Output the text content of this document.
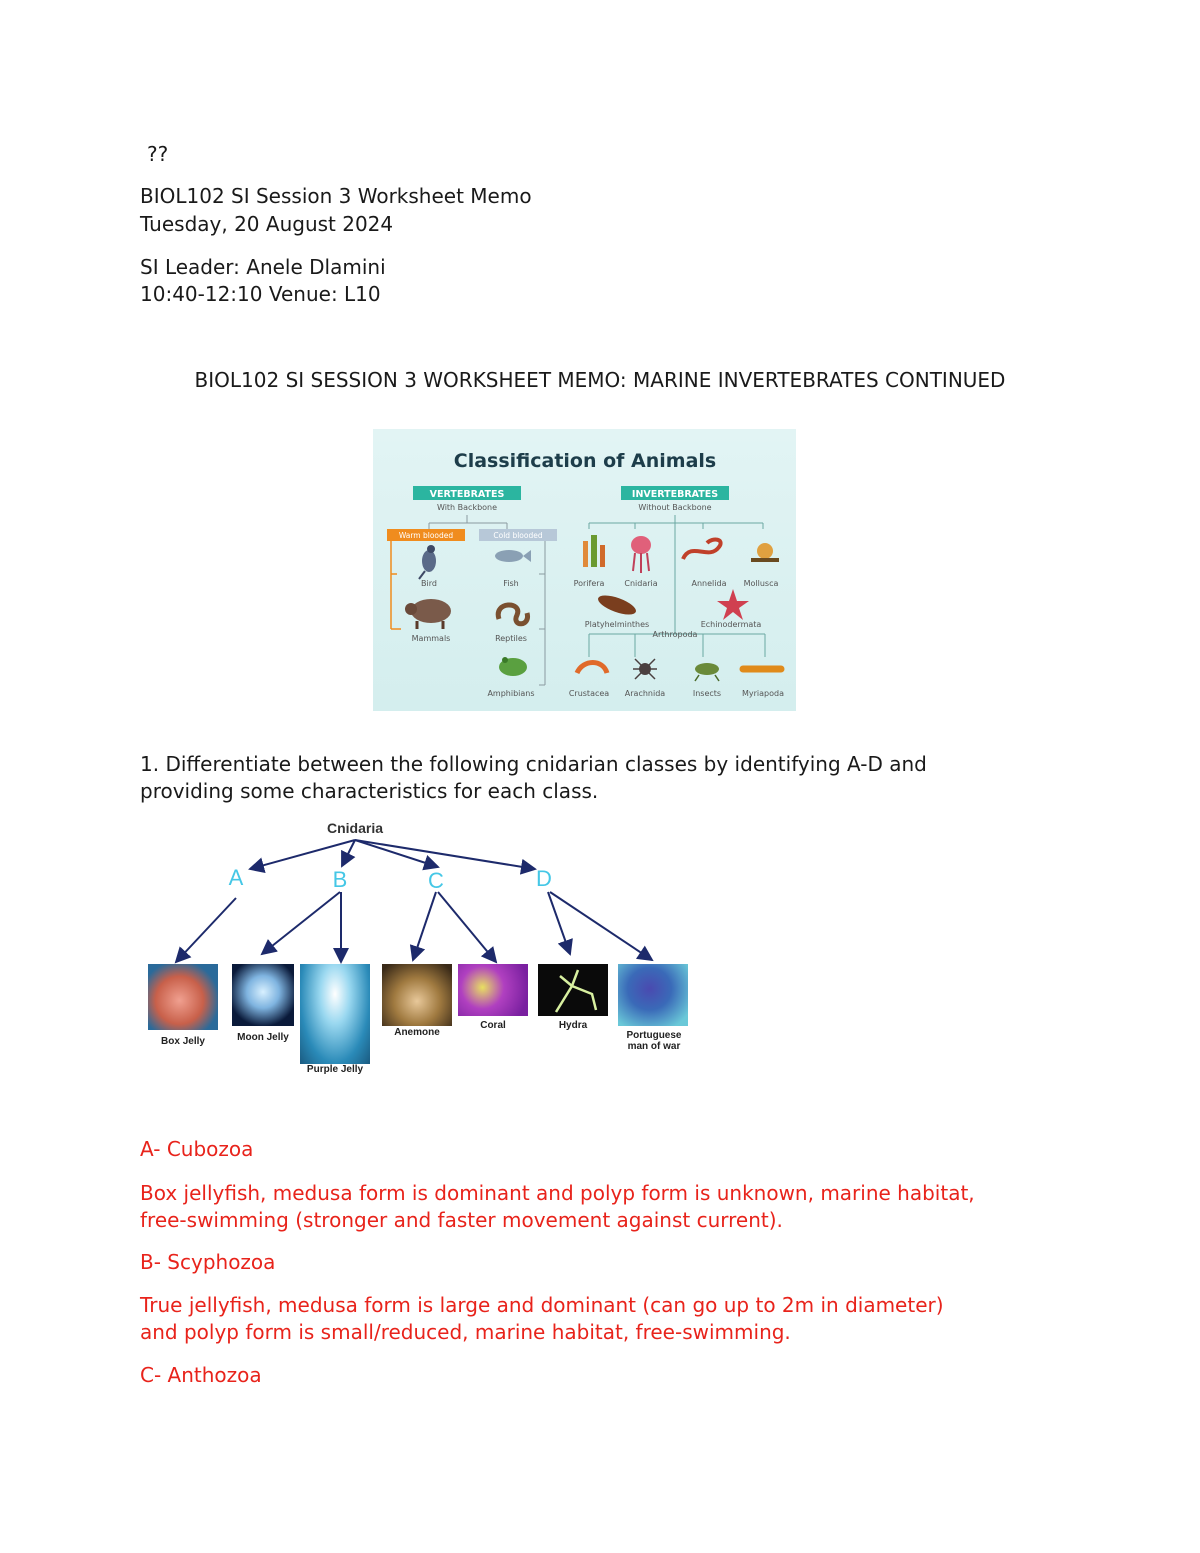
??
BIOL102 SI Session 3 Worksheet Memo
Tuesday, 20 August 2024
SI Leader: Anele Dlamini
10:40-12:10 Venue: L10
BIOL102 SI SESSION 3 WORKSHEET MEMO: MARINE INVERTEBRATES CONTINUED
Classification of Animals
VERTEBRATES
With Backbone
INVERTEBRATES
Without Backbone
Warm blooded	Cold blooded
Bird
Mammals
Fish
Reptiles
Amphibians
Porifera Cnidaria	Annelida Mollusca
Platyhelminthes	Echinodermata
Arthropoda
Crustacea Arachnida	Insects	Myriapoda
1. Differentiate between the following cnidarian classes by identifying A-D and
providing some characteristics for each class.
Cnidaria
A	B	C	D
Box Jelly	Moon Jelly
Purple Jelly
Anemone
Coral	Hydra
Portuguese
man of war
A- Cubozoa
Box jellyfish, medusa form is dominant and polyp form is unknown, marine habitat,
free-swimming (stronger and faster movement against current).
B- Scyphozoa
True jellyfish, medusa form is large and dominant (can go up to 2m in diameter)
and polyp form is small/reduced, marine habitat, free-swimming.
C- Anthozoa
